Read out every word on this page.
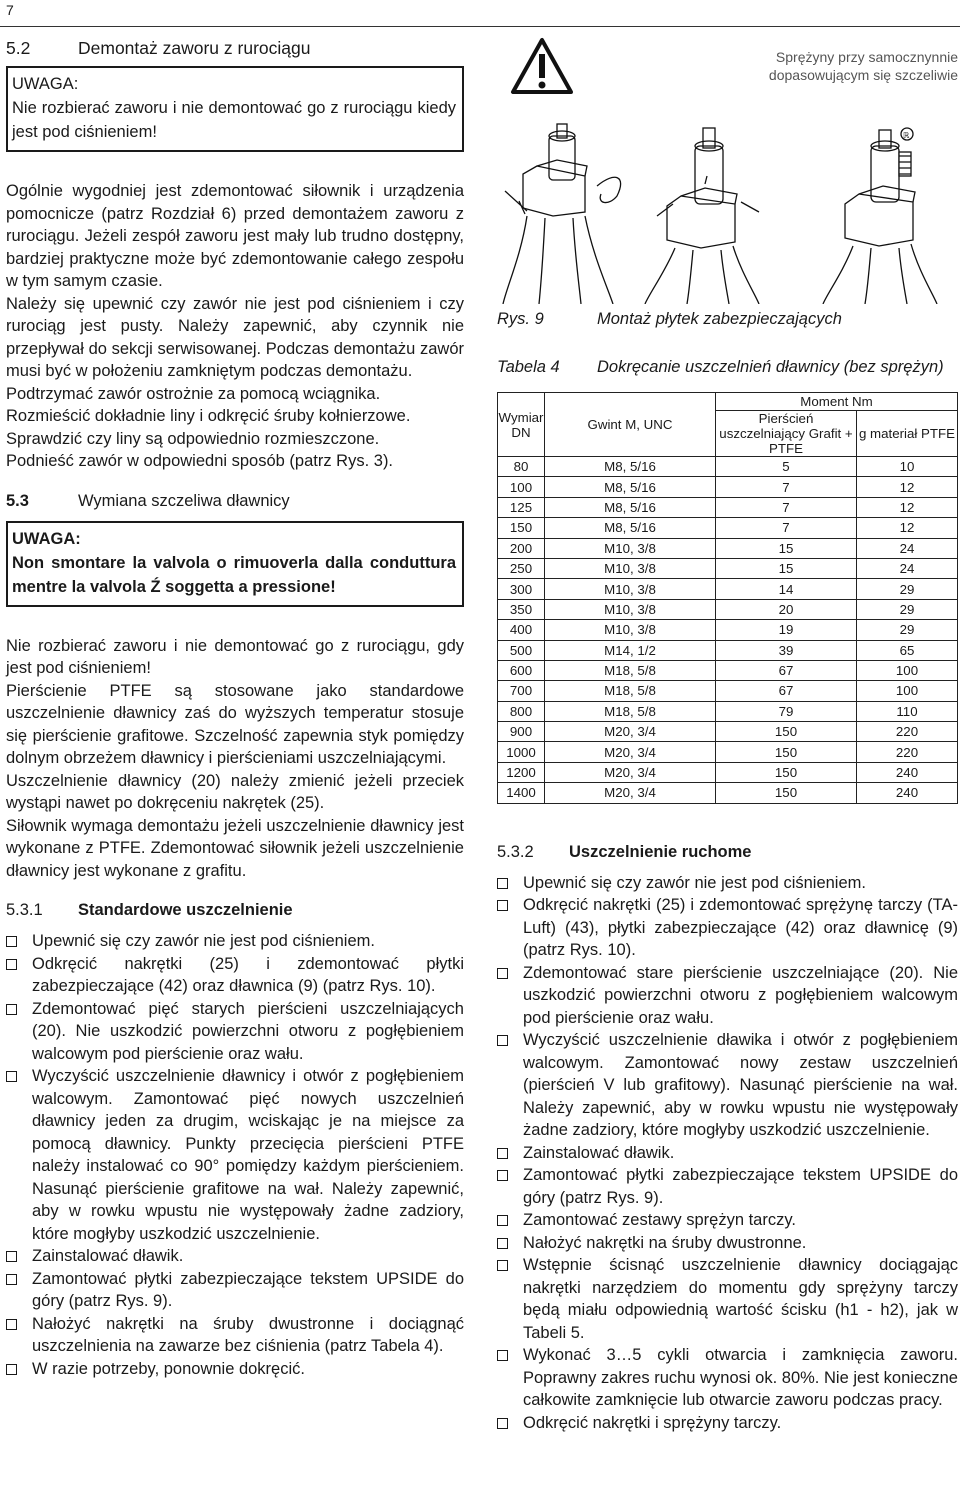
7
5.2	Demontaż zaworu z rurociągu
UWAGA:
Nie rozbierać zaworu i nie demontować go z rurociągu kiedy jest pod ciśnieniem!

Ogólnie wygodniej jest zdemontować siłownik i urządzenia pomocnicze (patrz Rozdział 6) przed demontażem zaworu z rurociągu. Jeżeli zespół zaworu jest mały lub trudno dostępny, bardziej praktyczne może być zdemontowanie całego zespołu w tym samym czasie.

Należy się upewnić czy zawór nie jest pod ciśnieniem i czy rurociąg jest pusty. Należy zapewnić, aby czynnik nie przepływał do sekcji serwisowanej. Podczas demontażu zawór musi być w położeniu zamkniętym podczas demontażu.

Podtrzymać zawór ostrożnie za pomocą wciągnika.

Rozmieścić dokładnie liny i odkręcić śruby kołnierzowe.

Sprawdzić czy liny są odpowiednio rozmieszczone.

Podnieść zawór w odpowiedni sposób (patrz Rys. 3).

5.3	Wymiana szczeliwa dławnicy
UWAGA:
Non smontare la valvola o rimuoverla dalla conduttura mentre la valvola Ź soggetta a pressione!

Nie rozbierać zaworu i nie demontować go z rurociągu, gdy jest pod ciśnieniem!

Pierścienie PTFE są stosowane jako standardowe uszczelnienie dławnicy zaś do wyższych temperatur stosuje się pierścienie grafitowe. Szczelność zapewnia styk pomiędzy dolnym obrzeżem dławnicy i pierścieniami uszczelniającymi.

Uszczelnienie dławnicy (20) należy zmienić jeżeli przeciek wystąpi nawet po dokręceniu nakrętek (25).

Siłownik wymaga demontażu jeżeli uszczelnienie dławnicy jest wykonane z PTFE. Zdemontować siłownik jeżeli uszczelnienie dławnicy jest wykonane z grafitu.

5.3.1	Standardowe uszczelnienie
Upewnić się czy zawór nie jest pod ciśnieniem.
Odkręcić nakrętki (25) i zdemontować płytki zabezpieczające (42) oraz dławnica (9) (patrz Rys. 10).
Zdemontować pięć starych pierścieni uszczelniających (20). Nie uszkodzić powierzchni otworu z pogłębieniem walcowym pod pierścienie oraz wału.
Wyczyścić uszczelnienie dławnicy i otwór z pogłębieniem walcowym. Zamontować pięć nowych uszczelnień dławnicy jeden za drugim, wciskając je na miejsce za pomocą dławnicy. Punkty przecięcia pierścieni PTFE należy instalować co 90° pomiędzy każdym pierścieniem. Nasunąć pierścienie grafitowe na wał. Należy zapewnić, aby w rowku wpustu nie występowały żadne zadziory, które mogłyby uszkodzić uszczelnienie.
Zainstalować dławik.
Zamontować płytki zabezpieczające tekstem UPSIDE do góry (patrz Rys. 9).
Nałożyć nakrętki na śruby dwustronne i dociągnąć uszczelnienia na zawarze bez ciśnienia (patrz Tabela 4).
W razie potrzeby, ponownie dokręcić.
Sprężyny przy samocznynnie dopasowującym się szczeliwie
ℝ
Rys. 9	Montaż płytek zabezpieczających
Tabela 4	Dokręcanie uszczelnień dławnicy (bez sprężyn)
Wymiar DN	Gwint M, UNC	Moment Nm	
		Pierścień uszczelniający Grafit + PTFE	g materiał PTFE
80	M8, 5/16	5	10
100	M8, 5/16	7	12
125	M8, 5/16	7	12
150	M8, 5/16	7	12
200	M10, 3/8	15	24
250	M10, 3/8	15	24
300	M10, 3/8	14	29
350	M10, 3/8	20	29
400	M10, 3/8	19	29
500	M14, 1/2	39	65
600	M18, 5/8	67	100
700	M18, 5/8	67	100
800	M18, 5/8	79	110
900	M20, 3/4	150	220
1000	M20, 3/4	150	220
1200	M20, 3/4	150	240
1400	M20, 3/4	150	240
5.3.2	Uszczelnienie ruchome
Upewnić się czy zawór nie jest pod ciśnieniem.
Odkręcić nakrętki (25) i zdemontować sprężynę tarczy (TA-Luft) (43), płytki zabezpieczające (42) oraz dławnicę (9) (patrz Rys. 10).
Zdemontować stare pierścienie uszczelniające (20). Nie uszkodzić powierzchni otworu z pogłębieniem walcowym pod pierścienie oraz wału.
Wyczyścić uszczelnienie dławika i otwór z pogłębieniem walcowym. Zamontować nowy zestaw uszczelnień (pierścień V lub grafitowy). Nasunąć pierścienie na wał. Należy zapewnić, aby w rowku wpustu nie występowały żadne zadziory, które mogłyby uszkodzić uszczelnienie.
Zainstalować dławik.
Zamontować płytki zabezpieczające tekstem UPSIDE do góry (patrz Rys. 9).
Zamontować zestawy sprężyn tarczy.
Nałożyć nakrętki na śruby dwustronne.
Wstępnie ścisnąć uszczelnienie dławnicy dociągając nakrętki narzędziem do momentu gdy sprężyny tarczy będą miału odpowiednią wartość ścisku (h1 - h2), jak w Tabeli 5.
Wykonać 3…5 cykli otwarcia i zamknięcia zaworu. Poprawny zakres ruchu wynosi ok. 80%. Nie jest konieczne całkowite zamknięcie lub otwarcie zaworu podczas pracy.
Odkręcić nakrętki i sprężyny tarczy.
